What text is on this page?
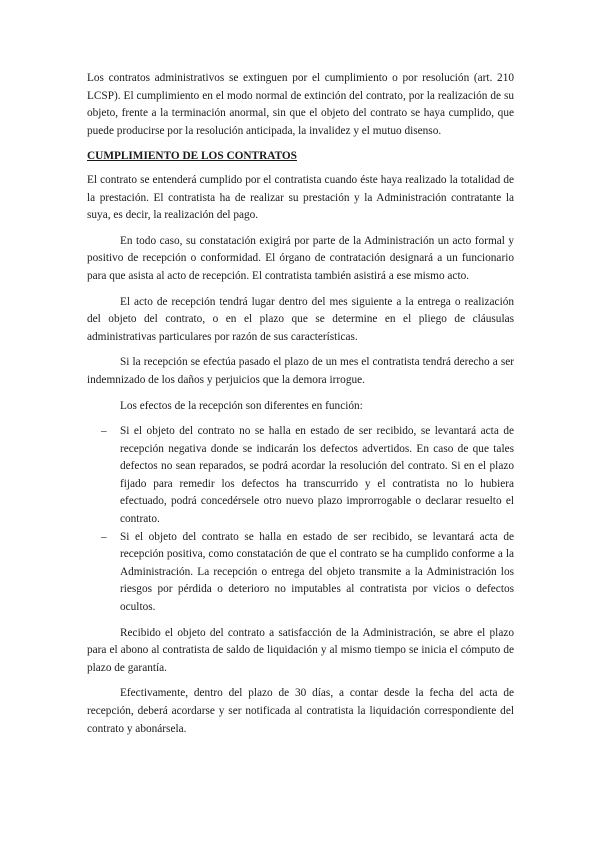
Los contratos administrativos se extinguen por el cumplimiento o por resolución (art. 210 LCSP). El cumplimiento en el modo normal de extinción del contrato, por la realización de su objeto, frente a la terminación anormal, sin que el objeto del contrato se haya cumplido, que puede producirse por la resolución anticipada, la invalidez y el mutuo disenso.

CUMPLIMIENTO DE LOS CONTRATOS

El contrato se entenderá cumplido por el contratista cuando éste haya realizado la totalidad de la prestación. El contratista ha de realizar su prestación y la Administración contratante la suya, es decir, la realización del pago.

En todo caso, su constatación exigirá por parte de la Administración un acto formal y positivo de recepción o conformidad. El órgano de contratación designará a un funcionario para que asista al acto de recepción. El contratista también asistirá a ese mismo acto.

El acto de recepción tendrá lugar dentro del mes siguiente a la entrega o realización del objeto del contrato, o en el plazo que se determine en el pliego de cláusulas administrativas particulares por razón de sus características.

Si la recepción se efectúa pasado el plazo de un mes el contratista tendrá derecho a ser indemnizado de los daños y perjuicios que la demora irrogue.

Los efectos de la recepción son diferentes en función:

– Si el objeto del contrato no se halla en estado de ser recibido, se levantará acta de recepción negativa donde se indicarán los defectos advertidos. En caso de que tales defectos no sean reparados, se podrá acordar la resolución del contrato. Si en el plazo fijado para remedir los defectos ha transcurrido y el contratista no lo hubiera efectuado, podrá concedérsele otro nuevo plazo improrrogable o declarar resuelto el contrato.

– Si el objeto del contrato se halla en estado de ser recibido, se levantará acta de recepción positiva, como constatación de que el contrato se ha cumplido conforme a la Administración. La recepción o entrega del objeto transmite a la Administración los riesgos por pérdida o deterioro no imputables al contratista por vicios o defectos ocultos.

Recibido el objeto del contrato a satisfacción de la Administración, se abre el plazo para el abono al contratista de saldo de liquidación y al mismo tiempo se inicia el cómputo de plazo de garantía.

Efectivamente, dentro del plazo de 30 días, a contar desde la fecha del acta de recepción, deberá acordarse y ser notificada al contratista la liquidación correspondiente del contrato y abonársela.
